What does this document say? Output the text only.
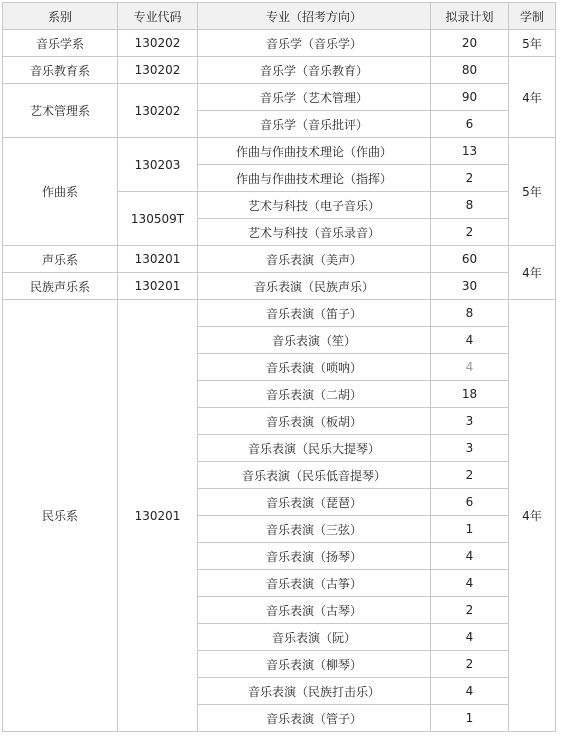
系别	专业代码	专业（招考方向）	拟录计划	学制
音乐学系	130202	音乐学（音乐学）	20	5年
音乐教育系	130202	音乐学（音乐教育）	80	4年
艺术管理系	130202	音乐学（艺术管理）	90	
		音乐学（音乐批评）	6	
作曲系	130203	作曲与作曲技术理论（作曲）	13	5年
		作曲与作曲技术理论（指挥）	2	
	130509T	艺术与科技（电子音乐）	8	
		艺术与科技（音乐录音）	2	
声乐系	130201	音乐表演（美声）	60	4年
民族声乐系	130201	音乐表演（民族声乐）	30	
民乐系	130201	音乐表演（笛子）	8	4年
		音乐表演（笙）	4	
		音乐表演（唢呐）	4	
		音乐表演（二胡）	18	
		音乐表演（板胡）	3	
		音乐表演（民乐大提琴）	3	
		音乐表演（民乐低音提琴）	2	
		音乐表演（琵琶）	6	
		音乐表演（三弦）	1	
		音乐表演（扬琴）	4	
		音乐表演（古筝）	4	
		音乐表演（古琴）	2	
		音乐表演（阮）	4	
		音乐表演（柳琴）	2	
		音乐表演（民族打击乐）	4	
		音乐表演（管子）	1	
